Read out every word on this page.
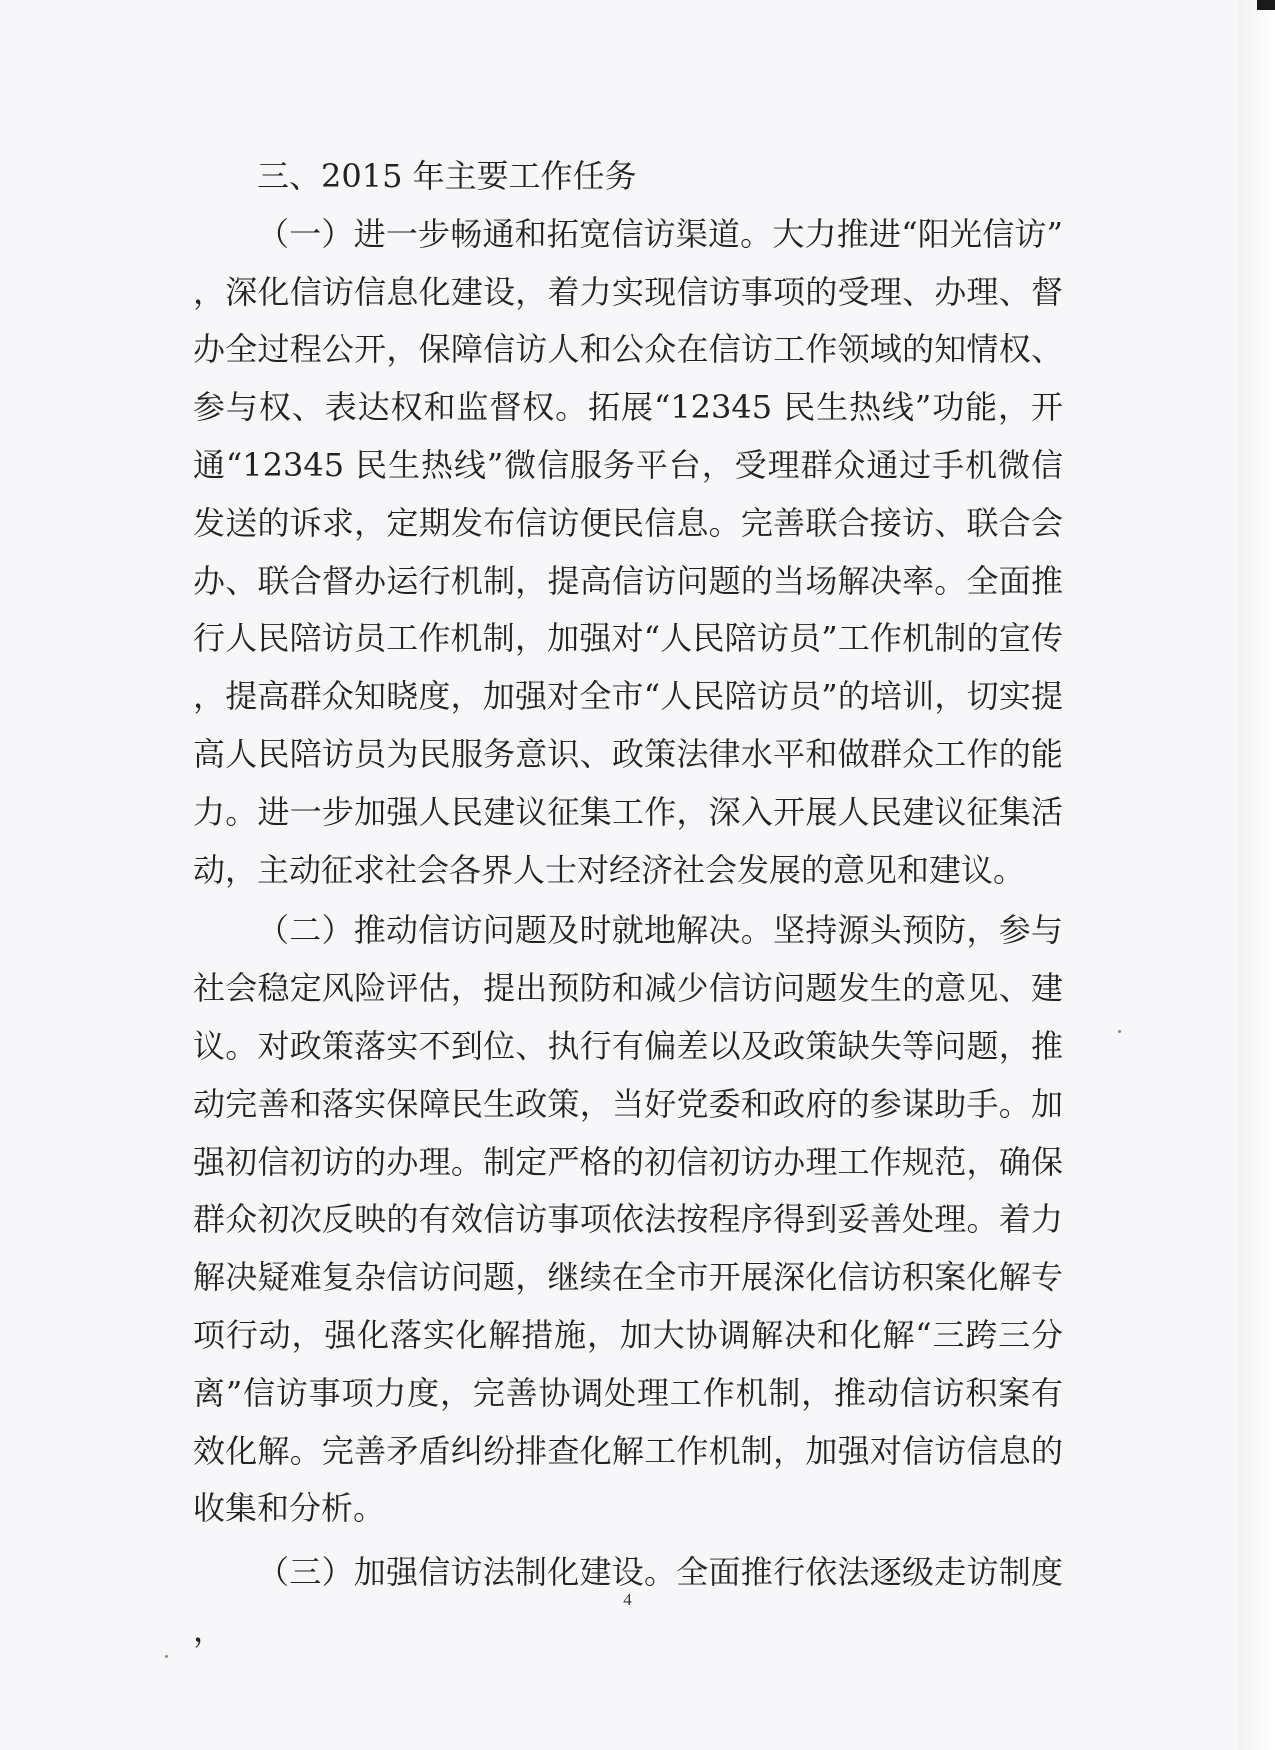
三、2015 年主要工作任务

（一）进一步畅通和拓宽信访渠道。大力推进“阳光信访”，深化信访信息化建设，着力实现信访事项的受理、办理、督办全过程公开，保障信访人和公众在信访工作领域的知情权、参与权、表达权和监督权。拓展“12345 民生热线”功能，开通“12345 民生热线”微信服务平台，受理群众通过手机微信发送的诉求，定期发布信访便民信息。完善联合接访、联合会办、联合督办运行机制，提高信访问题的当场解决率。全面推行人民陪访员工作机制，加强对“人民陪访员”工作机制的宣传，提高群众知晓度，加强对全市“人民陪访员”的培训，切实提高人民陪访员为民服务意识、政策法律水平和做群众工作的能力。进一步加强人民建议征集工作，深入开展人民建议征集活动，主动征求社会各界人士对经济社会发展的意见和建议。

（二）推动信访问题及时就地解决。坚持源头预防，参与社会稳定风险评估，提出预防和减少信访问题发生的意见、建议。对政策落实不到位、执行有偏差以及政策缺失等问题，推动完善和落实保障民生政策，当好党委和政府的参谋助手。加强初信初访的办理。制定严格的初信初访办理工作规范，确保群众初次反映的有效信访事项依法按程序得到妥善处理。着力解决疑难复杂信访问题，继续在全市开展深化信访积案化解专项行动，强化落实化解措施，加大协调解决和化解“三跨三分离”信访事项力度，完善协调处理工作机制，推动信访积案有效化解。完善矛盾纠纷排查化解工作机制，加强对信访信息的收集和分析。

（三）加强信访法制化建设。全面推行依法逐级走访制度，

4
